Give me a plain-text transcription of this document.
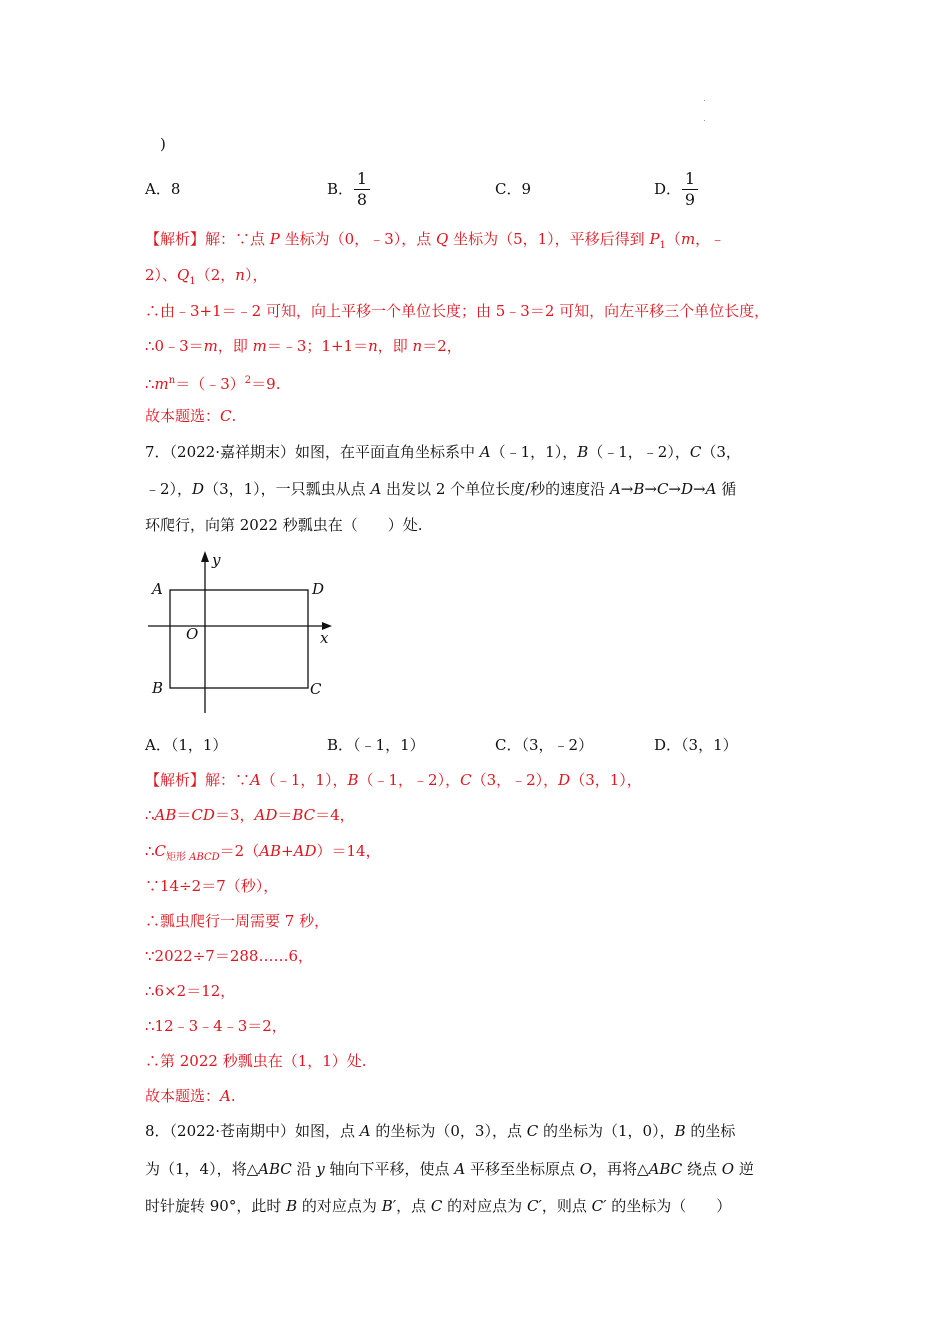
)
A．8	B． $\frac{1}{8}$	C．9	D． $\frac{1}{9}$
【解析】解：∵点 P 坐标为（0，﹣3），点 Q 坐标为（5，1），平移后得到 $P_1(m$，﹣
2）、$Q_1(2$，n），
∴由﹣3+1＝﹣2 可知，向上平移一个单位长度；由 5﹣3＝2 可知，向左平移三个单位长度，
∴0﹣3＝m，即 m＝﹣3；1+1＝n，即 n＝2，
$\therefore m^n=(﹣3)^2=9$.
故本题选：C.
7．（2022·嘉祥期末）如图，在平面直角坐标系中 A（﹣1，1），B（﹣1，﹣2），C（3，
﹣2），D（3，1），一只瓢虫从点 A 出发以 2 个单位长度/秒的速度沿 A→B→C→D→A 循
环爬行，向第 2022 秒瓢虫在（　　）处.
y
A	D
O	x
B	C
A．（1，1）	B．（﹣1，1）	C．（3，﹣2）	D．（3，1）
【解析】解：∵A（﹣1，1），B（﹣1，﹣2），C（3，﹣2），D（3，1），
∴AB＝CD＝3，AD＝BC＝4，
$\therefore C_{矩形 ABCD}=2(AB+AD)=14$，
∵14÷2＝7（秒），
∴瓢虫爬行一周需要 7 秒，
∵2022÷7＝288……6，
∴6×2＝12，
∴12﹣3﹣4﹣3＝2，
∴第 2022 秒瓢虫在（1，1）处.
故本题选：A.
8．（2022·苍南期中）如图，点 A 的坐标为（0，3），点 C 的坐标为（1，0），B 的坐标
为（1，4），将△ABC 沿 y 轴向下平移，使点 A 平移至坐标原点 O，再将△ABC 绕点 O 逆
时针旋转 90°，此时 B 的对应点为 B′，点 C 的对应点为 C′，则点 C′ 的坐标为（　　）
